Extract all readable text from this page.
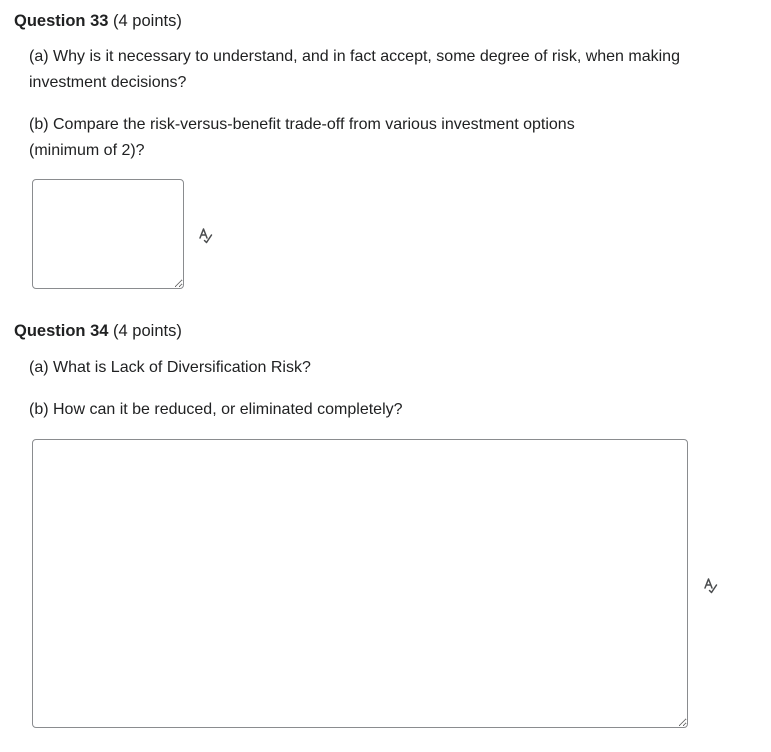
Question 33 (4 points)
(a) Why is it necessary to understand, and in fact accept, some degree of risk, when making investment decisions?
(b) Compare the risk-versus-benefit trade-off from various investment options (minimum of 2)?
Question 34 (4 points)
(a) What is Lack of Diversification Risk?
(b) How can it be reduced, or eliminated completely?
